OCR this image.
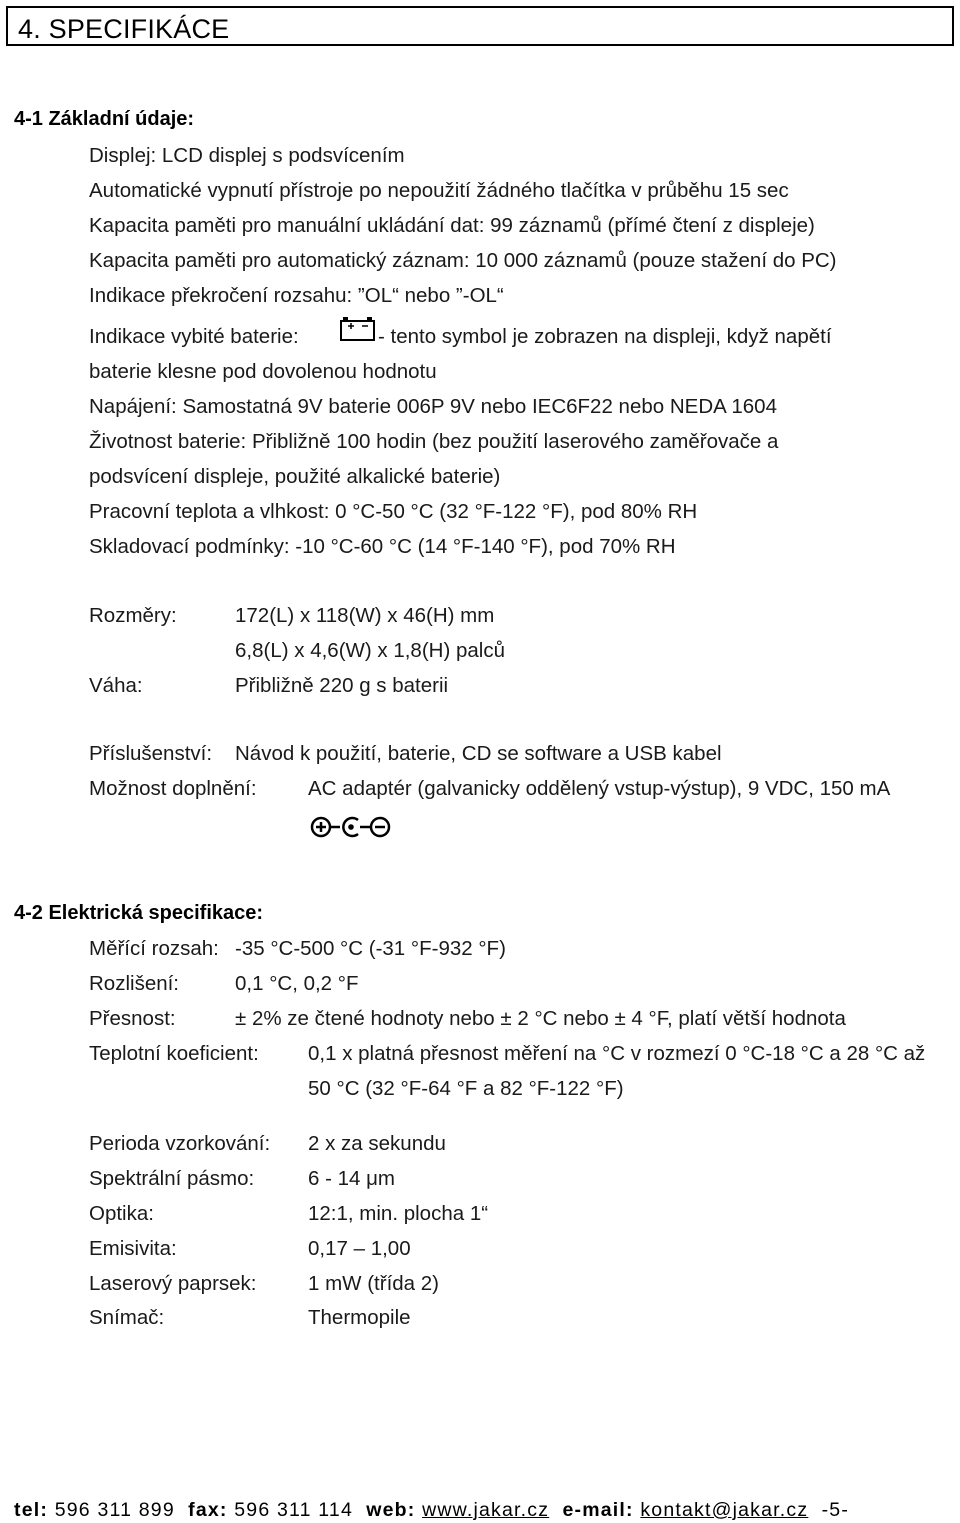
4. SPECIFIKÁCE
4-1 Základní údaje:
Displej: LCD displej s podsvícením
Automatické vypnutí přístroje po nepoužití žádného tlačítka v průběhu 15 sec
Kapacita paměti pro manuální ukládání dat: 99 záznamů (přímé čtení z displeje)
Kapacita paměti pro automatický záznam: 10 000 záznamů (pouze stažení do PC)
Indikace překročení rozsahu: ”OL“ nebo ”-OL“
Indikace vybité baterie:	- tento symbol je zobrazen na displeji, když napětí
baterie klesne pod dovolenou hodnotu
Napájení: Samostatná 9V baterie 006P 9V nebo IEC6F22 nebo NEDA 1604
Životnost baterie: Přibližně 100 hodin (bez použití laserového zaměřovače a
podsvícení displeje, použité alkalické baterie)
Pracovní teplota a vlhkost: 0 °C-50 °C (32 °F-122 °F), pod 80% RH
Skladovací podmínky: -10 °C-60 °C (14 °F-140 °F), pod 70% RH
Rozměry:	172(L) x 118(W) x 46(H) mm
6,8(L) x 4,6(W) x 1,8(H) palců
Váha:	Přibližně 220 g s baterii
Příslušenství: Návod k použití, baterie, CD se software a USB kabel
Možnost doplnění:	AC adaptér (galvanicky oddělený vstup-výstup), 9 VDC, 150 mA
4-2 Elektrická specifikace:
Měřící rozsah: -35 °C-500 °C (-31 °F-932 °F)
Rozlišení:	0,1 °C, 0,2 °F
Přesnost:	± 2% ze čtené hodnoty nebo ± 2 °C nebo ± 4 °F, platí větší hodnota
Teplotní koeficient: 0,1 x platná přesnost měření na °C v rozmezí 0 °C-18 °C a 28 °C až
50 °C (32 °F-64 °F a 82 °F-122 °F)
Perioda vzorkování: 2 x za sekundu
Spektrální pásmo:	6 - 14 μm
Optika:	12:1, min. plocha 1“
Emisivita:	0,17 – 1,00
Laserový paprsek:	1 mW (třída 2)
Snímač:	Thermopile
tel: 596 311 899 fax: 596 311 114 web: www.jakar.cz e-mail: kontakt@jakar.cz -5-
